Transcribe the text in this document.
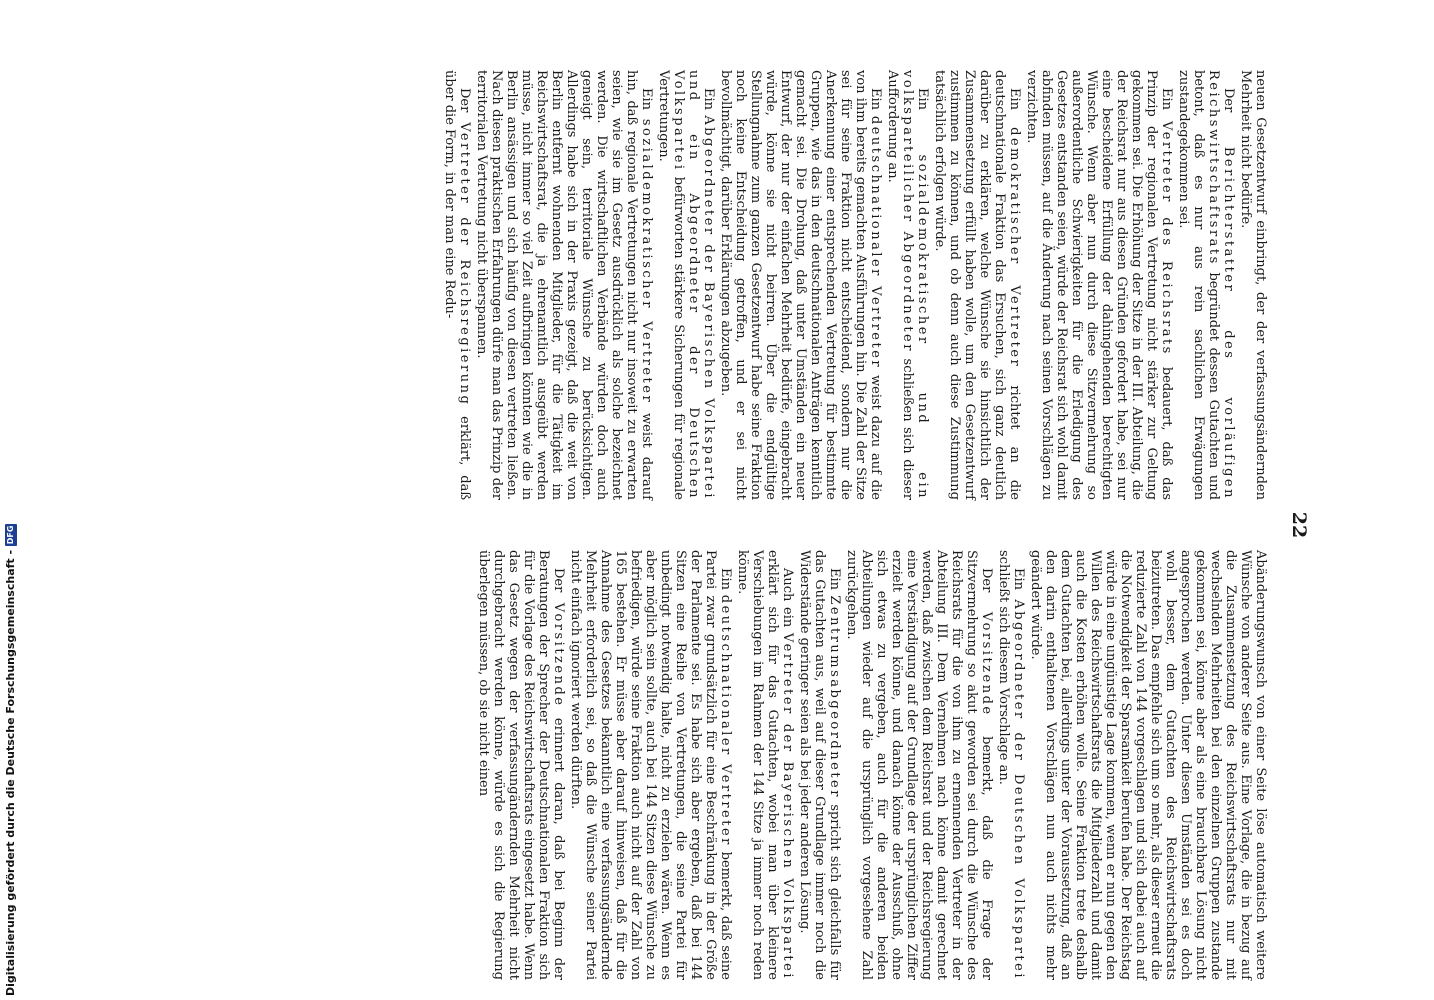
22

neuen Gesetzentwurf einbringt, der der verfassungsändernden Mehrheit nicht bedürfe.

Der Berichterstatter des vorläufigen Reichswirtschaftsrats begründet dessen Gutachten und betont, daß es nur aus rein sachlichen Erwägungen zustandegekommen sei.

Ein Vertreter des Reichsrats bedauert, daß das Prinzip der regionalen Vertretung nicht stärker zur Geltung gekommen sei. Die Erhöhung der Sitze in der III. Abteilung, die der Reichsrat nur aus diesen Gründen gefordert habe, sei nur eine bescheidene Erfüllung der dahingehenden berechtigten Wünsche. Wenn aber nun durch diese Sitzvermehrung so außerordentliche Schwierigkeiten für die Erledigung des Gesetzes entstanden seien, würde der Reichsrat sich wohl damit abfinden müssen, auf die Änderung nach seinen Vorschlägen zu verzichten.

Ein demokratischer Vertreter richtet an die deutschnationale Fraktion das Ersuchen, sich ganz deutlich darüber zu erklären, welche Wünsche sie hinsichtlich der Zusammensetzung erfüllt haben wolle, um den Gesetzentwurf zustimmen zu können, und ob denn auch diese Zustimmung tatsächlich erfolgen würde.

Ein sozialdemokratischer und ein volksparteilicher Abgeordneter schließen sich dieser Aufforderung an.

Ein deutschnationaler Vertreter weist dazu auf die von ihm bereits gemachten Ausführungen hin. Die Zahl der Sitze sei für seine Fraktion nicht entscheidend, sondern nur die Anerkennung einer entsprechenden Vertretung für bestimmte Gruppen, wie das in den deutschnationalen Anträgen kenntlich gemacht sei. Die Drohung, daß unter Umständen ein neuer Entwurf, der nur der einfachen Mehrheit bedürfe, eingebracht würde, könne sie nicht beirren. Über die endgültige Stellungnahme zum ganzen Gesetzentwurf habe seine Fraktion noch keine Entscheidung getroffen, und er sei nicht bevollmächtigt, darüber Erklärungen abzugeben.

Ein Abgeordneter der Bayerischen Volkspartei und ein Abgeordneter der Deutschen Volkspartei befürworten stärkere Sicherungen für regionale Vertretungen.

Ein sozialdemokratischer Vertreter weist darauf hin, daß regionale Vertretungen nicht nur insoweit zu erwarten seien, wie sie im Gesetz ausdrücklich als solche bezeichnet werden. Die wirtschaftlichen Verbände würden doch auch geneigt sein, territoriale Wünsche zu berücksichtigen. Allerdings habe sich in der Praxis gezeigt, daß die weit von Berlin entfernt wohnenden Mitglieder, für die Tätigkeit im Reichswirtschaftsrat, die ja ehrenamtlich ausgeübt werden müsse, nicht immer so viel Zeit aufbringen könnten wie die in Berlin ansässigen und sich häufig von diesen vertreten ließen. Nach diesen praktischen Erfahrungen dürfe man das Prinzip der territorialen Vertretung nicht überspannen.

Der Vertreter der Reichsregierung erklärt, daß über die Form, in der man eine Redu-

Abänderungswunsch von einer Seite löse automatisch weitere Wünsche von anderer Seite aus. Eine Vorlage, die in bezug auf die Zusammensetzung des Reichswirtschaftsrats nur mit wechselnden Mehrheiten bei den einzelnen Gruppen zustande gekommen sei, könne aber als eine brauchbare Lösung nicht angesprochen werden. Unter diesen Umständen sei es doch wohl besser, dem Gutachten des Reichswirtschaftsrats beizutreten. Das empfehle sich um so mehr, als dieser erneut die reduzierte Zahl von 144 vorgeschlagen und sich dabei auch auf die Notwendigkeit der Sparsamkeit berufen habe. Der Reichstag würde in eine ungünstige Lage kommen, wenn er nun gegen den Willen des Reichswirtschaftsrats die Mitgliederzahl und damit auch die Kosten erhöhen wolle. Seine Fraktion trete deshalb dem Gutachten bei, allerdings unter der Voraussetzung, daß an den darin enthaltenen Vorschlägen nun auch nichts mehr geändert würde.

Ein Abgeordneter der Deutschen Volkspartei schließt sich diesem Vorschlage an.

Der Vorsitzende bemerkt, daß die Frage der Sitzvermehrung so akut geworden sei durch die Wünsche des Reichsrats für die von ihm zu ernennenden Vertreter in der Abteilung III. Dem Vernehmen nach könne damit gerechnet werden, daß zwischen dem Reichsrat und der Reichsregierung eine Verständigung auf der Grundlage der ursprünglichen Ziffer erzielt werden könne, und danach könne der Ausschuß, ohne sich etwas zu vergeben, auch für die anderen beiden Abteilungen wieder auf die ursprünglich vorgesehene Zahl zurückgehen.

Ein Zentrumsabgeordneter spricht sich gleichfalls für das Gutachten aus, weil auf dieser Grundlage immer noch die Widerstände geringer seien als bei jeder anderen Lösung.

Auch ein Vertreter der Bayerischen Volkspartei erklärt sich für das Gutachten, wobei man über kleinere Verschiebungen im Rahmen der 144 Sitze ja immer noch reden könne.

Ein deutschnationaler Vertreter bemerkt, daß seine Partei zwar grundsätzlich für eine Beschränkung in der Größe der Parlamente sei. Es habe sich aber ergeben, daß bei 144 Sitzen eine Reihe von Vertretungen, die seine Partei für unbedingt notwendig halte, nicht zu erzielen wären. Wenn es aber möglich sein sollte, auch bei 144 Sitzen diese Wünsche zu befriedigen, würde seine Fraktion auch nicht auf der Zahl von 165 bestehen. Er müsse aber darauf hinweisen, daß für die Annahme des Gesetzes bekanntlich eine verfassungsändernde Mehrheit erforderlich sei, so daß die Wünsche seiner Partei nicht einfach ignoriert werden dürften.

Der Vorsitzende erinnert daran, daß bei Beginn der Beratungen der Sprecher der Deutschnationalen Fraktion sich für die Vorlage des Reichswirtschaftsrats eingesetzt habe. Wenn das Gesetz wegen der verfassungändernden Mehrheit nicht durchgebracht werden könne, würde es sich die Regierung überlegen müssen, ob sie nicht einen

Digitalisierung gefördert durch die Deutsche Forschungsgemeinschaft -
DFG
